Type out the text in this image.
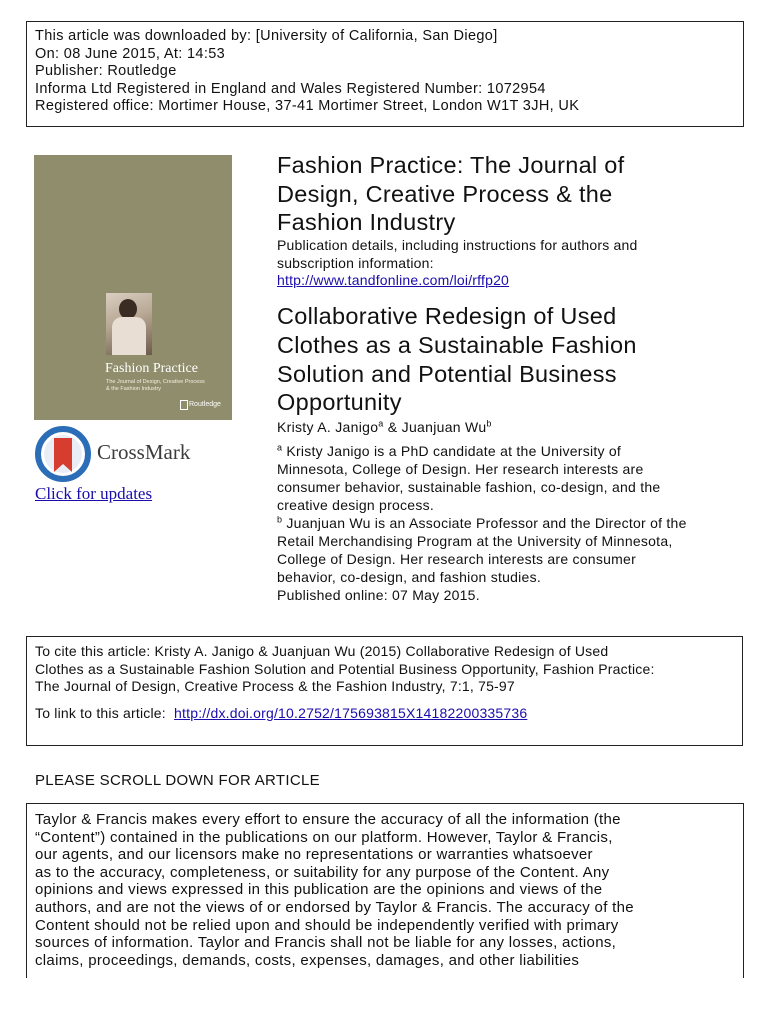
This article was downloaded by: [University of California, San Diego]
On: 08 June 2015, At: 14:53
Publisher: Routledge
Informa Ltd Registered in England and Wales Registered Number: 1072954
Registered office: Mortimer House, 37-41 Mortimer Street, London W1T 3JH, UK
Fashion Practice
The Journal of Design, Creative Process
& the Fashion Industry
Routledge
CrossMark
Click for updates
Fashion Practice: The Journal of
Design, Creative Process & the
Fashion Industry
Publication details, including instructions for authors and
subscription information:
http://www.tandfonline.com/loi/rffp20
Collaborative Redesign of Used
Clothes as a Sustainable Fashion
Solution and Potential Business
Opportunity
Kristy A. Janigo$^a$ & Juanjuan Wu$^b$
$^a$ Kristy Janigo is a PhD candidate at the University of
Minnesota, College of Design. Her research interests are
consumer behavior, sustainable fashion, co-design, and the
creative design process.
$^b$ Juanjuan Wu is an Associate Professor and the Director of the
Retail Merchandising Program at the University of Minnesota,
College of Design. Her research interests are consumer
behavior, co-design, and fashion studies.
Published online: 07 May 2015.
To cite this article: Kristy A. Janigo & Juanjuan Wu (2015) Collaborative Redesign of Used
Clothes as a Sustainable Fashion Solution and Potential Business Opportunity, Fashion Practice:
The Journal of Design, Creative Process & the Fashion Industry, 7:1, 75-97
To link to this article: http://dx.doi.org/10.2752/175693815X14182200335736
PLEASE SCROLL DOWN FOR ARTICLE
Taylor & Francis makes every effort to ensure the accuracy of all the information (the
“Content”) contained in the publications on our platform. However, Taylor & Francis,
our agents, and our licensors make no representations or warranties whatsoever
as to the accuracy, completeness, or suitability for any purpose of the Content. Any
opinions and views expressed in this publication are the opinions and views of the
authors, and are not the views of or endorsed by Taylor & Francis. The accuracy of the
Content should not be relied upon and should be independently verified with primary
sources of information. Taylor and Francis shall not be liable for any losses, actions,
claims, proceedings, demands, costs, expenses, damages, and other liabilities
